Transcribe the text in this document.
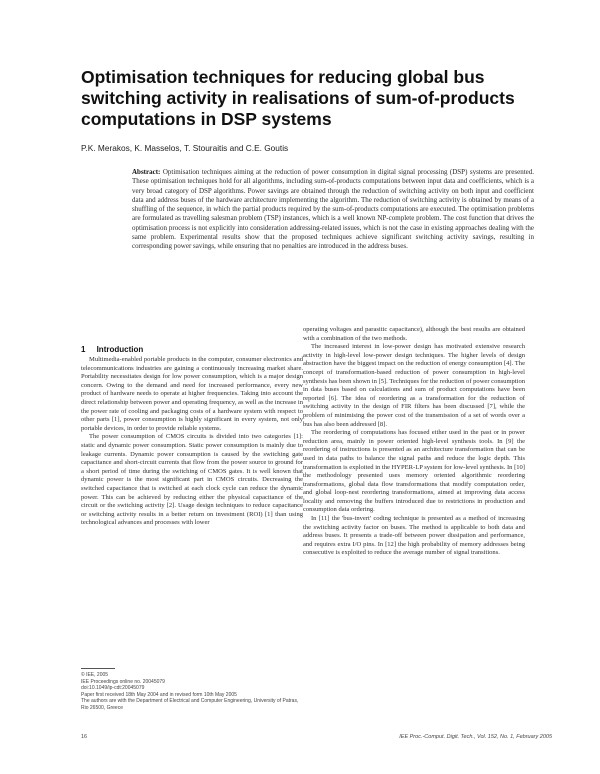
Optimisation techniques for reducing global bus switching activity in realisations of sum-of-products computations in DSP systems
P.K. Merakos, K. Masselos, T. Stouraitis and C.E. Goutis

Abstract: Optimisation techniques aiming at the reduction of power consumption in digital signal processing (DSP) systems are presented. These optimisation techniques hold for all algorithms, including sum-of-products computations between input data and coefficients, which is a very broad category of DSP algorithms. Power savings are obtained through the reduction of switching activity on both input and coefficient data and address buses of the hardware architecture implementing the algorithm. The reduction of switching activity is obtained by means of a shuffling of the sequence, in which the partial products required by the sum-of-products computations are executed. The optimisation problems are formulated as travelling salesman problem (TSP) instances, which is a well known NP-complete problem. The cost function that drives the optimisation process is not explicitly into consideration addressing-related issues, which is not the case in existing approaches dealing with the same problem. Experimental results show that the proposed techniques achieve significant switching activity savings, resulting in corresponding power savings, while ensuring that no penalties are introduced in the address buses.

1 Introduction

Multimedia-enabled portable products in the computer, consumer electronics and telecommunications industries are gaining a continuously increasing market share. Portability necessitates design for low power consumption, which is a major design concern. Owing to the demand and need for increased performance, every new product of hardware needs to operate at higher frequencies. Taking into account the direct relationship between power and operating frequency, as well as the increase in the power rate of cooling and packaging costs of a hardware system with respect to other parts [1], power consumption is highly significant in every system, not only portable devices, in order to provide reliable systems.

The power consumption of CMOS circuits is divided into two categories [1]: static and dynamic power consumption. Static power consumption is mainly due to leakage currents. Dynamic power consumption is caused by the switching gate capacitance and short-circuit currents that flow from the power source to ground for a short period of time during the switching of CMOS gates. It is well known that dynamic power is the most significant part in CMOS circuits. Decreasing the switched capacitance that is switched at each clock cycle can reduce the dynamic power. This can be achieved by reducing either the physical capacitance of the circuit or the switching activity [2]. Usage design techniques to reduce capacitance or switching activity results in a better return on investment (ROI) [1] than using technological advances and processes with lower

operating voltages and parasitic capacitance), although the best results are obtained with a combination of the two methods.

The increased interest in low-power design has motivated extensive research activity in high-level low-power design techniques. The higher levels of design abstraction have the biggest impact on the reduction of energy consumption [4]. The concept of transformation-based reduction of power consumption in high-level synthesis has been shown in [5]. Techniques for the reduction of power consumption in data buses based on calculations and sum of product computations have been reported [6]. The idea of reordering as a transformation for the reduction of switching activity in the design of FIR filters has been discussed [7], while the problem of minimising the power cost of the transmission of a set of words over a bus has also been addressed [8].

The reordering of computations has focused either used in the past or in power reduction area, mainly in power oriented high-level synthesis tools. In [9] the reordering of instructions is presented as an architecture transformation that can be used in data paths to balance the signal paths and reduce the logic depth. This transformation is exploited in the HYPER-LP system for low-level synthesis. In [10] the methodology presented uses memory oriented algorithmic reordering transformations, global data flow transformations that modify computation order, and global loop-nest reordering transformations, aimed at improving data access locality and removing the buffers introduced due to restrictions in production and consumption data ordering.

In [11] the 'bus-invert' coding technique is presented as a method of increasing the switching activity factor on buses. The method is applicable to both data and address buses. It presents a trade-off between power dissipation and performance, and requires extra I/O pins. In [12] the high probability of memory addresses being consecutive is exploited to reduce the average number of signal transitions.

© IEE, 2005
IEE Proceedings online no. 20045079
doi:10.1049/ip-cdt:20045079
Paper first received 18th May 2004 and in revised form 10th May 2005
The authors are with the Department of Electrical and Computer Engineering, University of Patras, Rio 26500, Greece
16	IEE Proc.-Comput. Digit. Tech., Vol. 152, No. 1, February 2005
